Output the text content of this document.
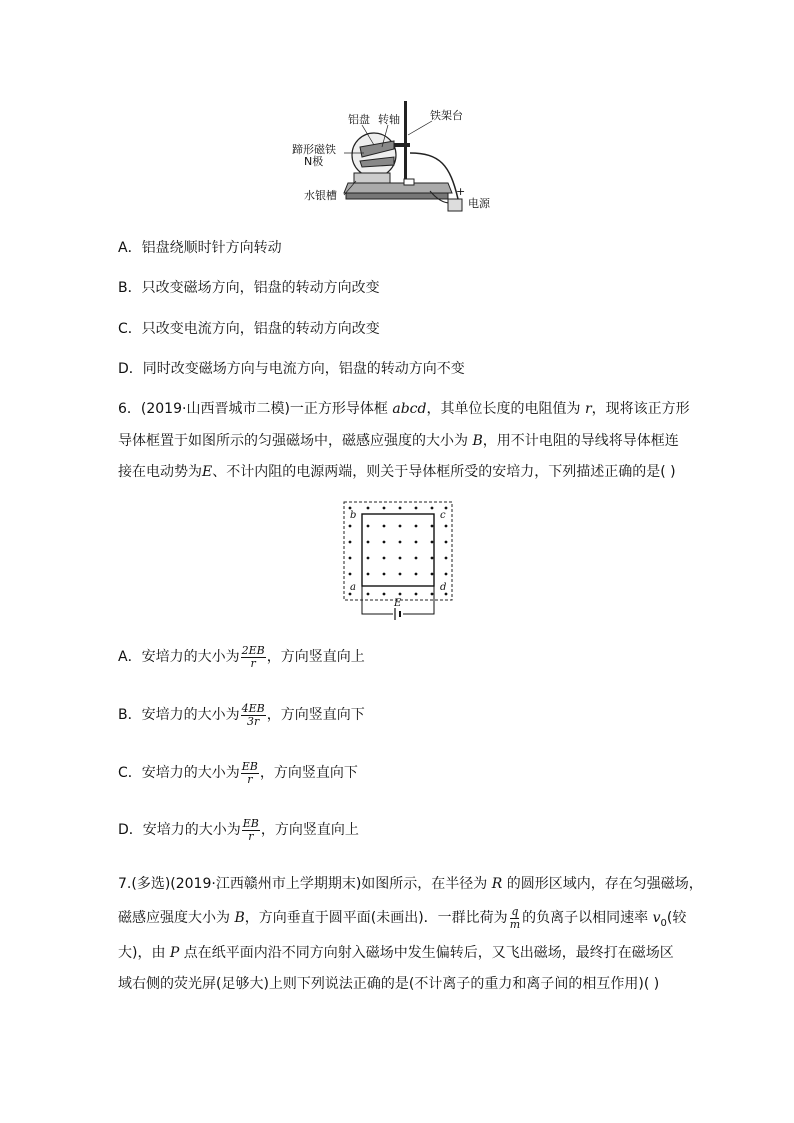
铝盘 转轴	铁架台
蹄形磁铁
N极
水银槽
电源
+
A．铝盘绕顺时针方向转动
B．只改变磁场方向，铝盘的转动方向改变
C．只改变电流方向，铝盘的转动方向改变
D．同时改变磁场方向与电流方向，铝盘的转动方向不变
6．(2019·山西晋城市二模)一正方形导体框 abcd，其单位长度的电阻值为 r，现将该正方形
导体框置于如图所示的匀强磁场中，磁感应强度的大小为 B，用不计电阻的导线将导体框连
接在电动势为E、不计内阻的电源两端，则关于导体框所受的安培力，下列描述正确的是( )
b	c
a	d
E
A．安培力的大小为 $\frac{2EB}{r}$ ，方向竖直向上
B．安培力的大小为 $\frac{4EB}{3r}$ ，方向竖直向下
C．安培力的大小为 $\frac{EB}{r}$ ，方向竖直向下
D．安培力的大小为 $\frac{EB}{r}$ ，方向竖直向上
7.(多选)(2019·江西赣州市上学期期末)如图所示，在半径为 R 的圆形区域内，存在匀强磁场，
磁感应强度大小为 B，方向垂直于圆平面(未画出)．一群比荷为 $\frac{q}{m}$ 的负离子以相同速率 $v_0$(较
大)，由 P 点在纸平面内沿不同方向射入磁场中发生偏转后，又飞出磁场，最终打在磁场区
域右侧的荧光屏(足够大)上则下列说法正确的是(不计离子的重力和离子间的相互作用)( )
